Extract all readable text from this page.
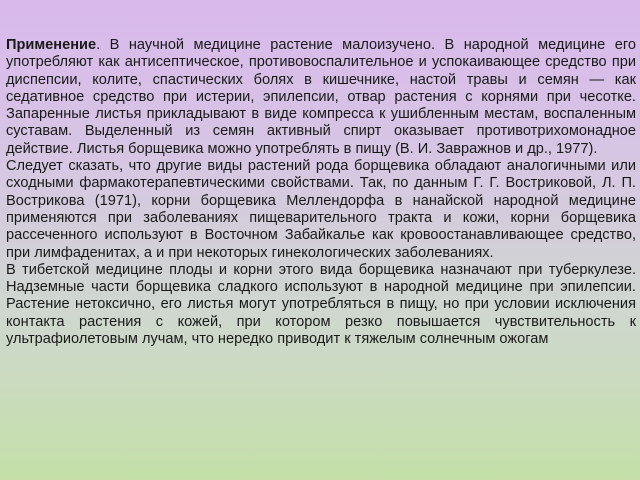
Применение. В научной медицине растение малоизучено. В народной медицине его употребляют как антисептическое, противовоспалительное и успокаивающее средство при диспепсии, колите, спастических болях в кишечнике, настой травы и семян — как седативное средство при истерии, эпилепсии, отвар растения с корнями при чесотке. Запаренные листья прикладывают в виде компресса к ушибленным местам, воспаленным суставам. Выделенный из семян активный спирт оказывает противотрихомонадное действие. Листья борщевика можно употреблять в пищу (В. И. Завражнов и др., 1977).

Следует сказать, что другие виды растений рода борщевика обладают аналогичными или сходными фармакотерапевтическими свойствами. Так, по данным Г. Г. Востриковой, Л. П. Вострикова (1971), корни борщевика Меллендорфа в нанайской народной медицине применяются при заболеваниях пищеварительного тракта и кожи, корни борщевика рассеченного используют в Восточном Забайкалье как кровоостанавливающее средство, при лимфаденитах, а и при некоторых гинекологических заболеваниях.

В тибетской медицине плоды и корни этого вида борщевика назначают при туберкулезе. Надземные части борщевика сладкого используют в народной медицине при эпилепсии. Растение нетоксично, его листья могут употребляться в пищу, но при условии исключения контакта растения с кожей, при котором резко повышается чувствительность к ультрафиолетовым лучам, что нередко приводит к тяжелым солнечным ожогам
